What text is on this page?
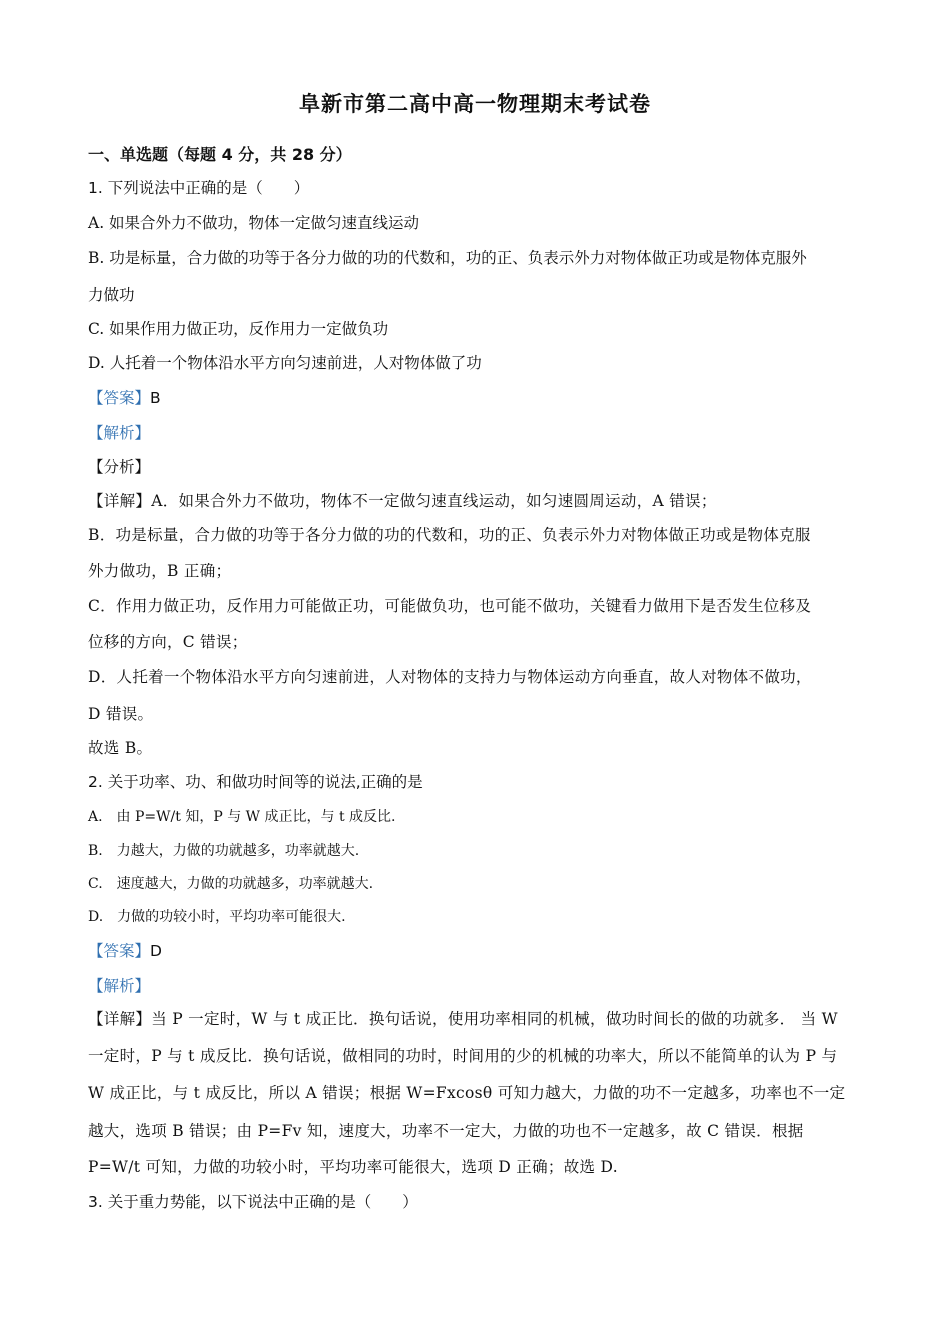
阜新市第二高中高一物理期末考试卷
一、单选题（每题 4 分，共 28 分）
1. 下列说法中正确的是（　　）
A. 如果合外力不做功，物体一定做匀速直线运动
B. 功是标量，合力做的功等于各分力做的功的代数和，功的正、负表示外力对物体做正功或是物体克服外
力做功
C. 如果作用力做正功，反作用力一定做负功
D. 人托着一个物体沿水平方向匀速前进，人对物体做了功
【答案】B
【解析】
【分析】
【详解】A．如果合外力不做功，物体不一定做匀速直线运动，如匀速圆周运动，A 错误；
B．功是标量，合力做的功等于各分力做的功的代数和，功的正、负表示外力对物体做正功或是物体克服
外力做功，B 正确；
C．作用力做正功，反作用力可能做正功，可能做负功，也可能不做功，关键看力做用下是否发生位移及
位移的方向，C 错误；
D．人托着一个物体沿水平方向匀速前进，人对物体的支持力与物体运动方向垂直，故人对物体不做功，
D 错误。
故选 B。
2. 关于功率、功、和做功时间等的说法,正确的是
A.　由 P=W/t 知，P 与 W 成正比，与 t 成反比.
B.　力越大，力做的功就越多，功率就越大.
C.　速度越大，力做的功就越多，功率就越大.
D.　力做的功较小时，平均功率可能很大.
【答案】D
【解析】
【详解】当 P 一定时，W 与 t 成正比．换句话说，使用功率相同的机械，做功时间长的做的功就多． 当 W
一定时，P 与 t 成反比．换句话说，做相同的功时，时间用的少的机械的功率大，所以不能简单的认为 P 与
W 成正比，与 t 成反比，所以 A 错误；根据 W=Fxcosθ 可知力越大，力做的功不一定越多，功率也不一定
越大，选项 B 错误；由 P=Fv 知，速度大，功率不一定大，力做的功也不一定越多，故 C 错误．根据
P=W/t 可知，力做的功较小时，平均功率可能很大，选项 D 正确；故选 D.
3. 关于重力势能，以下说法中正确的是（　　）
